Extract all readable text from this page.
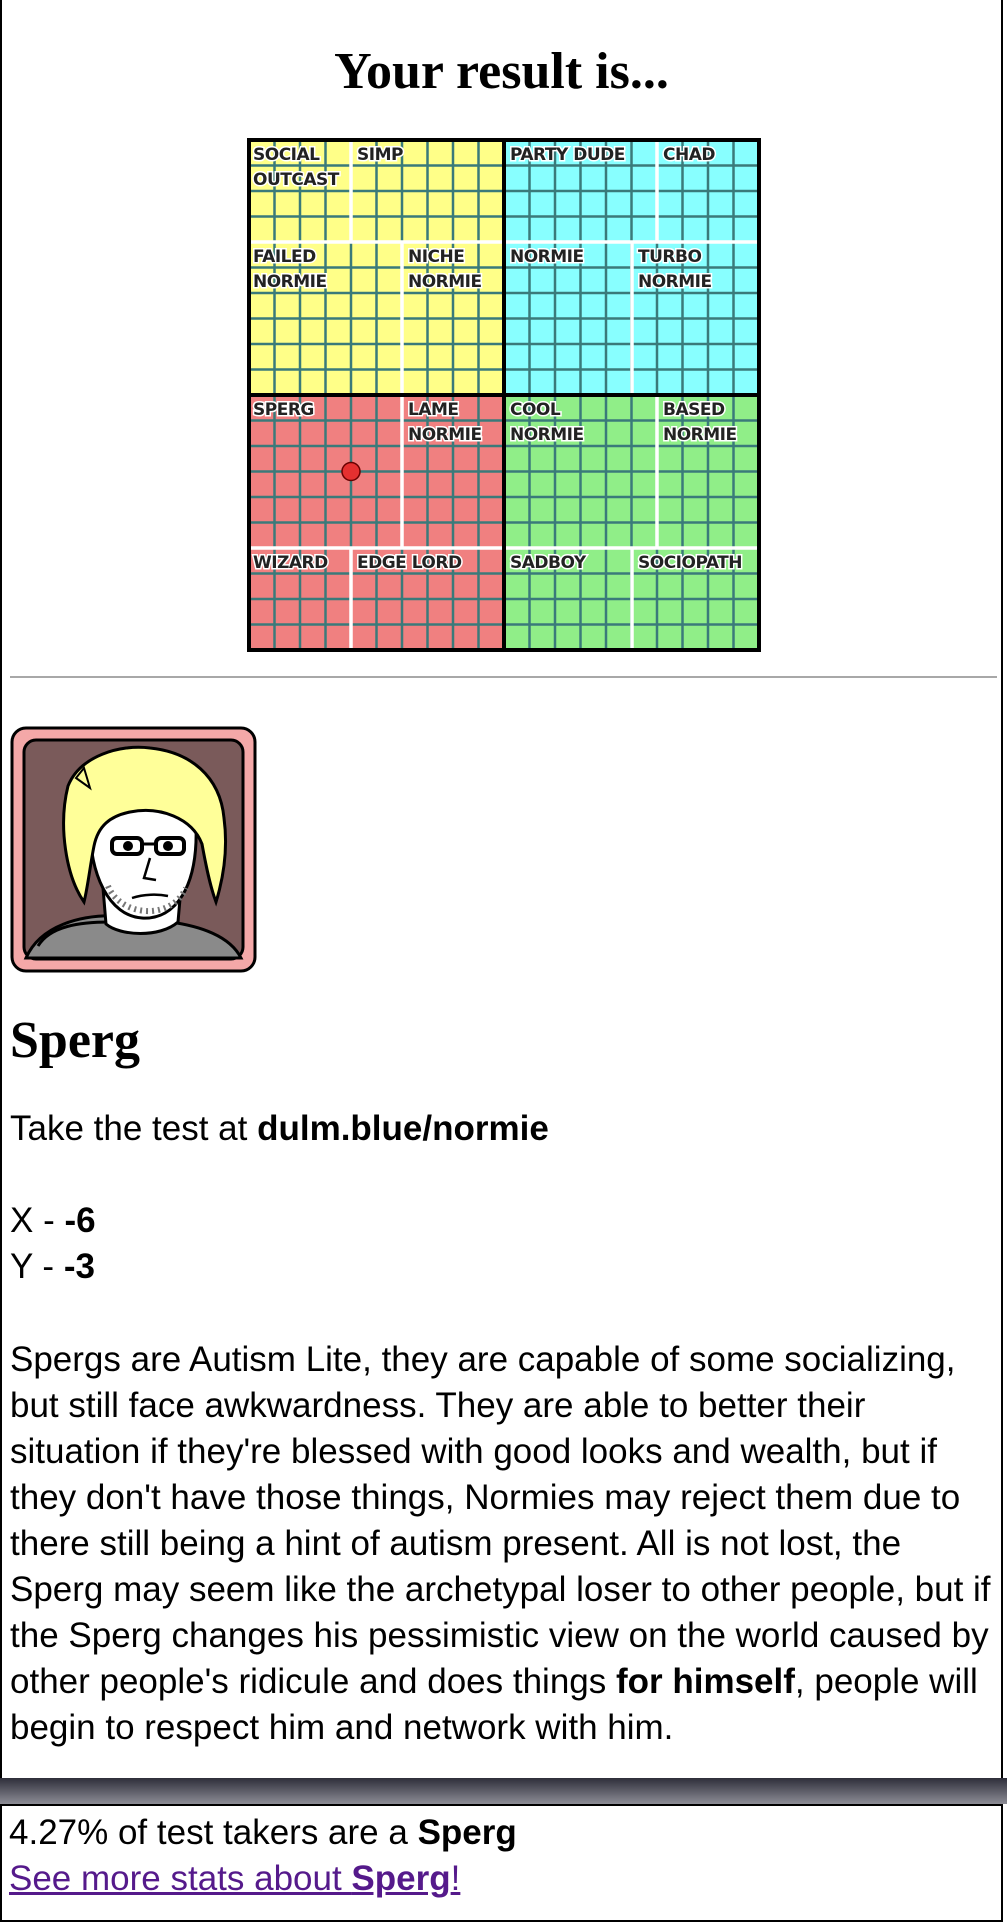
Your result is...
SOCIAL OUTCAST
SIMP
FAILED NORMIE
NICHE NORMIE
PARTY DUDE CHAD
NORMIE	TURBO NORMIE
SPERG	LAME NORMIE
WIZARD EDGE LORD
COOL NORMIE
BASED NORMIE
SADBOY	SOCIOPATH
Sperg

Take the test at dulm.blue/normie

X - -6
Y - -3

Spergs are Autism Lite, they are capable of some socializing, but still face awkwardness. They are able to better their situation if they're blessed with good looks and wealth, but if they don't have those things, Normies may reject them due to there still being a hint of autism present. All is not lost, the Sperg may seem like the archetypal loser to other people, but if the Sperg changes his pessimistic view on the world caused by other people's ridicule and does things for himself, people will begin to respect him and network with him.

4.27% of test takers are a Sperg
See more stats about Sperg!
